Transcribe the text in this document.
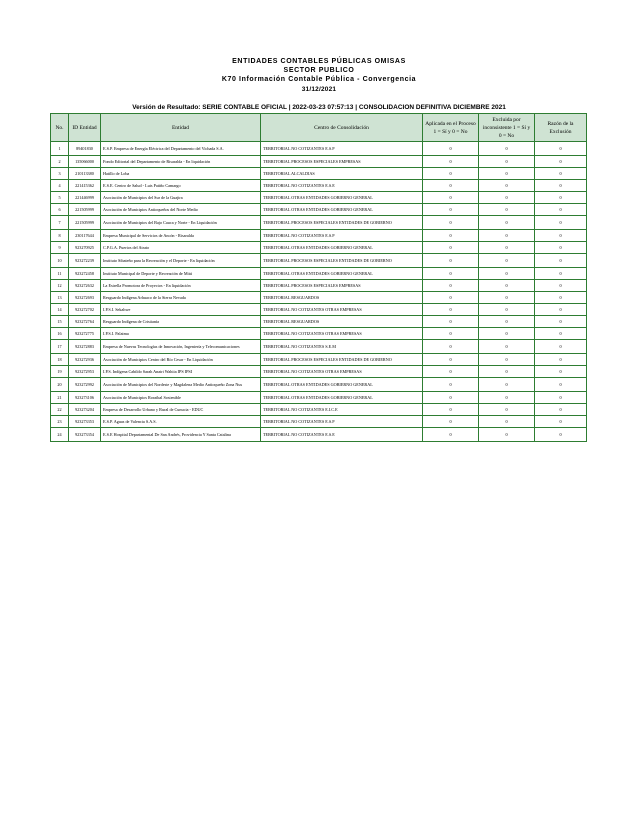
ENTIDADES CONTABLES PÚBLICAS OMISAS
SECTOR PUBLICO
K70 Información Contable Pública - Convergencia
31/12/2021
Versión de Resultado: SERIE CONTABLE OFICIAL | 2022-03-23 07:57:13 | CONSOLIDACION DEFINITIVA DICIEMBRE 2021
No.	ID Entidad	Entidad	Centro de Consolidación	Aplicada en el Proceso 1 = Sí y 0 = No	Excluida por inconsistente 1 = Sí y 0 = No	Razón de la Exclusión
1	89401830	E.S.P. Empresa de Energía Eléctrica del Departamento del Vichada S.A.	TERRITORIAL NO COTIZANTES E.S.P	0	0	0
2	135066000	Fondo Editorial del Departamento de Risaralda - En liquidación	TERRITORIAL PROCESOS ESPECIALES EMPRESAS	0	0	0
3	210113380	Hatillo de Loba	TERRITORIAL ALCALDIAS	0	0	0
4	221415362	E.S.E. Centro de Salud - Luis Patiño Camargo	TERRITORIAL NO COTIZANTES E.S.E	0	0	0
5	221446999	Asociación de Municipios del Sur de la Guajira	TERRITORIAL OTRAS ENTIDADES GOBIERNO GENERAL	0	0	0
6	221505999	Asociación de Municipios Antioqueños del Norte Medio	TERRITORIAL OTRAS ENTIDADES GOBIERNO GENERAL	0	0	0
7	221505999	Asociación de Municipios del Bajo Cauca y Norte - En Liquidación	TERRITORIAL PROCESOS ESPECIALES ENTIDADES DE GOBIERNO	0	0	0
8	230117644	Empresa Municipal de Servicios de Ancón - Risaralda	TERRITORIAL NO COTIZANTES E.S.P	0	0	0
9	923270925	C.P.G.A. Puertos del Atrato	TERRITORIAL OTRAS ENTIDADES GOBIERNO GENERAL	0	0	0
10	923272239	Instituto Sibateño para la Recreación y el Deporte - En liquidación	TERRITORIAL PROCESOS ESPECIALES ENTIDADES DE GOBIERNO	0	0	0
11	923272458	Instituto Municipal de Deporte y Recreación de Mitú	TERRITORIAL OTRAS ENTIDADES GOBIERNO GENERAL	0	0	0
12	923272632	La Estrella Promotora de Proyectos - En liquidación	TERRITORIAL PROCESOS ESPECIALES EMPRESAS	0	0	0
13	923272693	Resguardo Indígena Arhuaco de la Sierra Nevada	TERRITORIAL RESGUARDOS	0	0	0
14	923272702	I.P.S.I. Sekahwe	TERRITORIAL NO COTIZANTES OTRAS EMPRESAS	0	0	0
15	923272764	Resguardo Indígena de Cristianía	TERRITORIAL RESGUARDOS	0	0	0
16	923272775	I.P.S.I. Palaima	TERRITORIAL NO COTIZANTES OTRAS EMPRESAS	0	0	0
17	923272883	Empresa de Nuevas Tecnologías de Innovación, Ingeniería y Telecomunicaciones	TERRITORIAL NO COTIZANTES S.E.M	0	0	0
18	923272936	Asociación de Municipios Centro del Río Cesar - En Liquidación	TERRITORIAL PROCESOS ESPECIALES ENTIDADES DE GOBIERNO	0	0	0
19	923272953	I.P.S. Indígena Cabildo Sarah Anairi Wahiia IPS IPSI	TERRITORIAL NO COTIZANTES OTRAS EMPRESAS	0	0	0
20	923272992	Asociación de Municipios del Nordeste y Magdalena Medio Antioqueño Zona Nus	TERRITORIAL OTRAS ENTIDADES GOBIERNO GENERAL	0	0	0
21	923273106	Asociación de Municipios Roraibal Sostenible	TERRITORIAL OTRAS ENTIDADES GOBIERNO GENERAL	0	0	0
22	923273204	Empresa de Desarrollo Urbano y Rural de Cunucia - EDUC	TERRITORIAL NO COTIZANTES E.I.C.E	0	0	0
23	923273353	E.S.P. Aguas de Valencia S.A.S.	TERRITORIAL NO COTIZANTES E.S.P	0	0	0
24	923273354	E.S.E Hospital Departamental De San Andrés, Providencia Y Santa Catalina	TERRITORIAL NO COTIZANTES E.S.E	0	0	0
